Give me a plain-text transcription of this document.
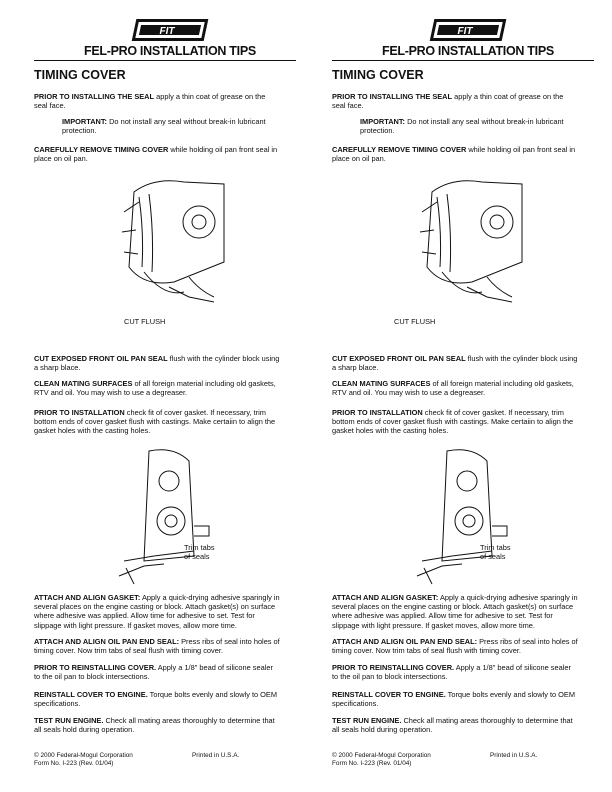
FIT
FEL-PRO INSTALLATION TIPS
TIMING COVER
PRIOR TO INSTALLING THE SEAL apply a thin coat of grease on the seal face.
IMPORTANT: Do not install any seal without break-in lubricant protection.
CAREFULLY REMOVE TIMING COVER while holding oil pan front seal in place on oil pan.
CUT FLUSH
CUT EXPOSED FRONT OIL PAN SEAL flush with the cylinder block using a sharp blace.
CLEAN MATING SURFACES of all foreign material including old gaskets, RTV and oil. You may wish to use a degreaser.
PRIOR TO INSTALLATION check fit of cover gasket. If necessary, trim bottom ends of cover gasket flush with castings. Make certaiin to align the gasket holes with the casting holes.
Trim tabs
of seals
ATTACH AND ALIGN GASKET: Apply a quick-drying adhesive sparingly in several places on the engine casting or block. Attach gasket(s) on surface where adhesive was applied. Allow time for adhesive to set. Test for slippage with light pressure. If gasket moves, allow more time.
ATTACH AND ALIGN OIL PAN END SEAL: Press ribs of seal into holes of timing cover. Now trim tabs of seal flush with timing cover.
PRIOR TO REINSTALLING COVER. Apply a 1/8" bead of silicone sealer to the oil pan to block intersections.
REINSTALL COVER TO ENGINE. Torque bolts evenly and slowly to OEM specifications.
TEST RUN ENGINE. Check all mating areas thoroughly to determine that all seals hold during operation.
© 2000 Federal-Mogul Corporation
Form No. I-223 (Rev. 01/04)
Printed in U.S.A.
FIT
FEL-PRO INSTALLATION TIPS
TIMING COVER
PRIOR TO INSTALLING THE SEAL apply a thin coat of grease on the seal face.
IMPORTANT: Do not install any seal without break-in lubricant protection.
CAREFULLY REMOVE TIMING COVER while holding oil pan front seal in place on oil pan.
CUT FLUSH
CUT EXPOSED FRONT OIL PAN SEAL flush with the cylinder block using a sharp blace.
CLEAN MATING SURFACES of all foreign material including old gaskets, RTV and oil. You may wish to use a degreaser.
PRIOR TO INSTALLATION check fit of cover gasket. If necessary, trim bottom ends of cover gasket flush with castings. Make certaiin to align the gasket holes with the casting holes.
Trim tabs
of seals
ATTACH AND ALIGN GASKET: Apply a quick-drying adhesive sparingly in several places on the engine casting or block. Attach gasket(s) on surface where adhesive was applied. Allow time for adhesive to set. Test for slippage with light pressure. If gasket moves, allow more time.
ATTACH AND ALIGN OIL PAN END SEAL: Press ribs of seal into holes of timing cover. Now trim tabs of seal flush with timing cover.
PRIOR TO REINSTALLING COVER. Apply a 1/8" bead of silicone sealer to the oil pan to block intersections.
REINSTALL COVER TO ENGINE. Torque bolts evenly and slowly to OEM specifications.
TEST RUN ENGINE. Check all mating areas thoroughly to determine that all seals hold during operation.
© 2000 Federal-Mogul Corporation
Form No. I-223 (Rev. 01/04)
Printed in U.S.A.
